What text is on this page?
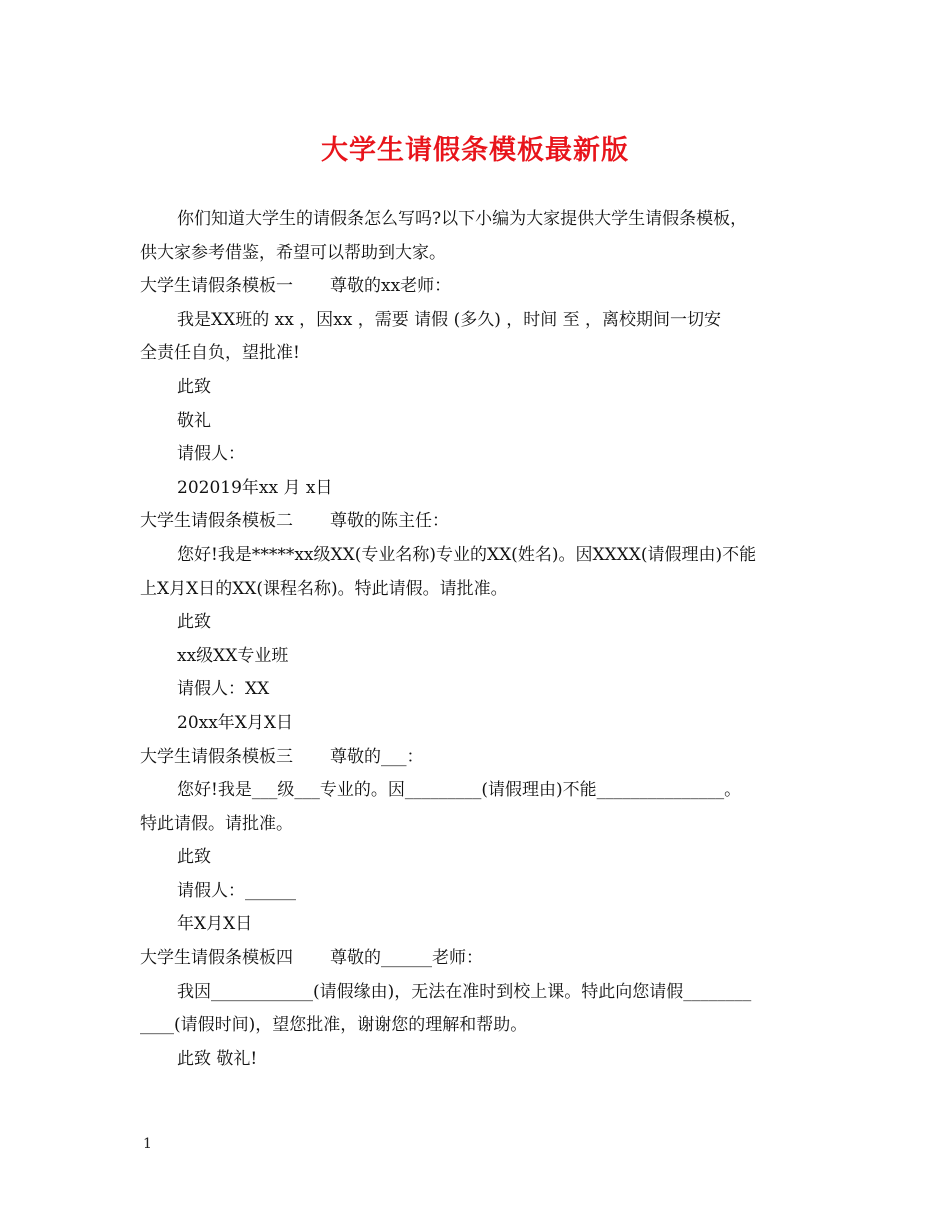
大学生请假条模板最新版
你们知道大学生的请假条怎么写吗?以下小编为大家提供大学生请假条模板，
供大家参考借鉴，希望可以帮助到大家。
大学生请假条模板一 尊敬的xx老师：
我是XX班的 xx ，因xx ，需要 请假 (多久) ，时间 至 ，离校期间一切安
全责任自负，望批准!
此致
敬礼
请假人：
202019年xx 月 x日
大学生请假条模板二 尊敬的陈主任：
您好!我是*****xx级XX(专业名称)专业的XX(姓名)。因XXXX(请假理由)不能
上X月X日的XX(课程名称)。特此请假。请批准。
此致
xx级XX专业班
请假人：XX
20xx年X月X日
大学生请假条模板三 尊敬的___：
您好!我是___级___专业的。因_________(请假理由)不能_______________。
特此请假。请批准。
此致
请假人：______
年X月X日
大学生请假条模板四 尊敬的______老师：
我因____________(请假缘由)，无法在准时到校上课。特此向您请假________
____(请假时间)，望您批准，谢谢您的理解和帮助。
此致 敬礼!
1
